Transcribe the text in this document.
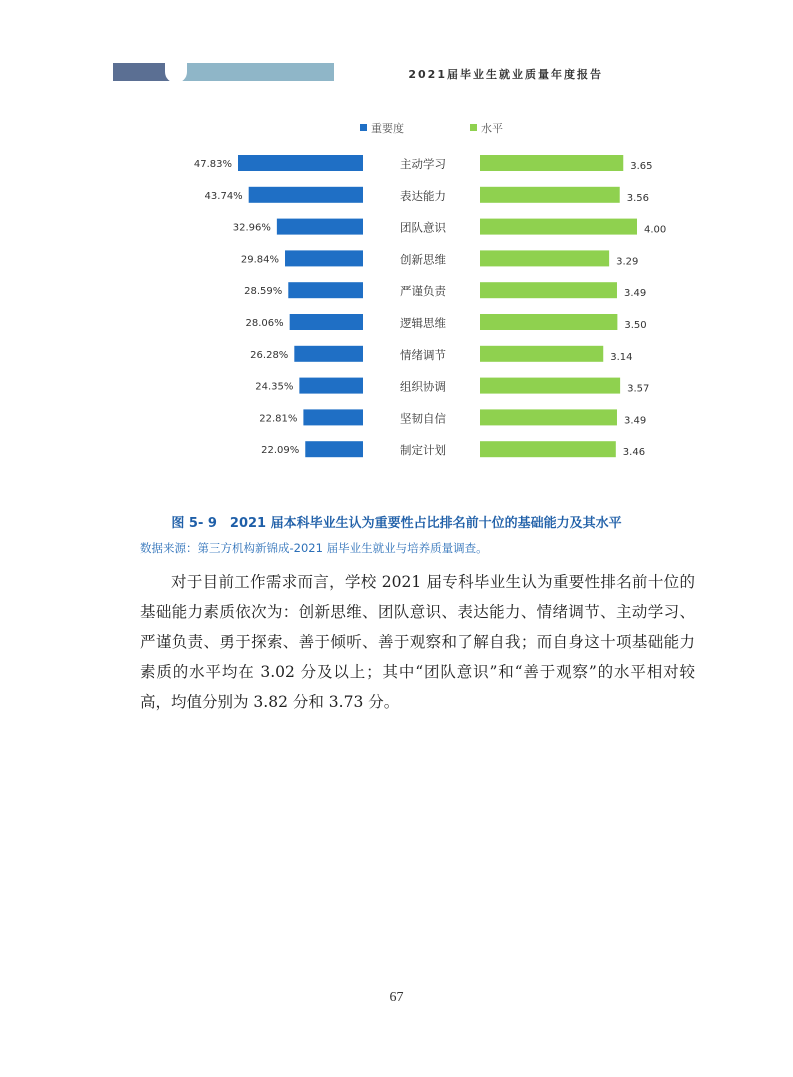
2021届毕业生就业质量年度报告
重要度	水平
47.83%	主动学习	3.65
43.74%	表达能力	3.56
32.96%	团队意识	4.00
29.84%	创新思维	3.29
28.59%	严谨负责	3.49
28.06%	逻辑思维	3.50
26.28%	情绪调节	3.14
24.35%	组织协调	3.57
22.81%	坚韧自信	3.49
22.09%	制定计划	3.46
图 5- 9　2021 届本科毕业生认为重要性占比排名前十位的基础能力及其水平
数据来源：第三方机构新锦成-2021 届毕业生就业与培养质量调查。

对于目前工作需求而言，学校 2021 届专科毕业生认为重要性排名前十位的基础能力素质依次为：创新思维、团队意识、表达能力、情绪调节、主动学习、严谨负责、勇于探索、善于倾听、善于观察和了解自我；而自身这十项基础能力素质的水平均在 3.02 分及以上；其中“团队意识”和“善于观察”的水平相对较高，均值分别为 3.82 分和 3.73 分。

67
